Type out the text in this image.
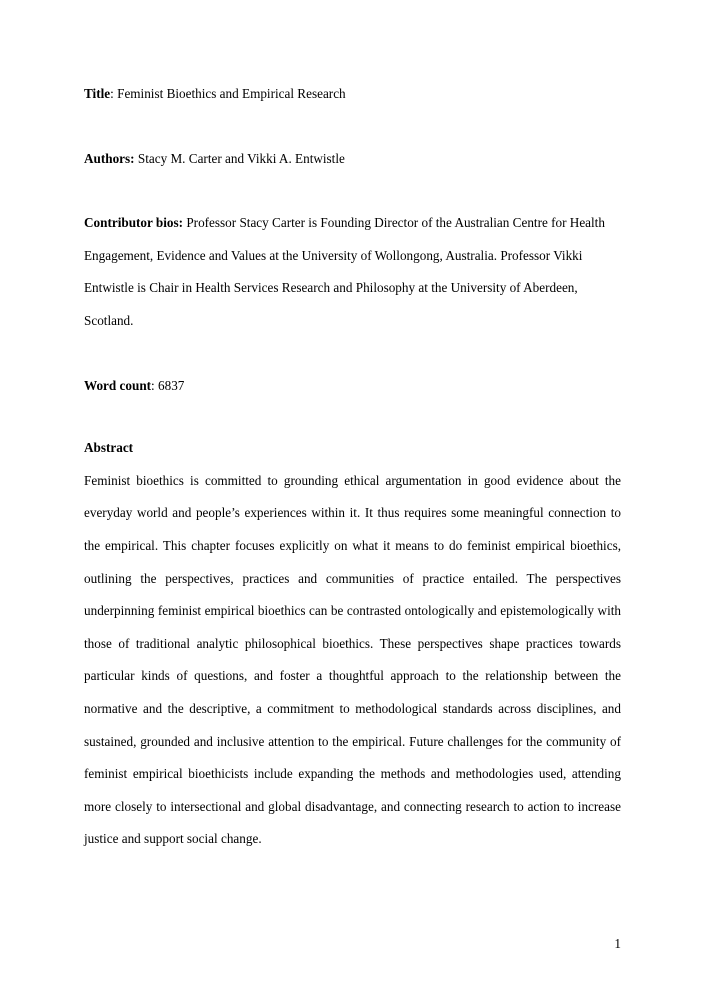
Title: Feminist Bioethics and Empirical Research
Authors: Stacy M. Carter and Vikki A. Entwistle
Contributor bios: Professor Stacy Carter is Founding Director of the Australian Centre for Health Engagement, Evidence and Values at the University of Wollongong, Australia. Professor Vikki Entwistle is Chair in Health Services Research and Philosophy at the University of Aberdeen, Scotland.
Word count: 6837
Abstract
Feminist bioethics is committed to grounding ethical argumentation in good evidence about the everyday world and people’s experiences within it. It thus requires some meaningful connection to the empirical. This chapter focuses explicitly on what it means to do feminist empirical bioethics, outlining the perspectives, practices and communities of practice entailed. The perspectives underpinning feminist empirical bioethics can be contrasted ontologically and epistemologically with those of traditional analytic philosophical bioethics. These perspectives shape practices towards particular kinds of questions, and foster a thoughtful approach to the relationship between the normative and the descriptive, a commitment to methodological standards across disciplines, and sustained, grounded and inclusive attention to the empirical. Future challenges for the community of feminist empirical bioethicists include expanding the methods and methodologies used, attending more closely to intersectional and global disadvantage, and connecting research to action to increase justice and support social change.
1
